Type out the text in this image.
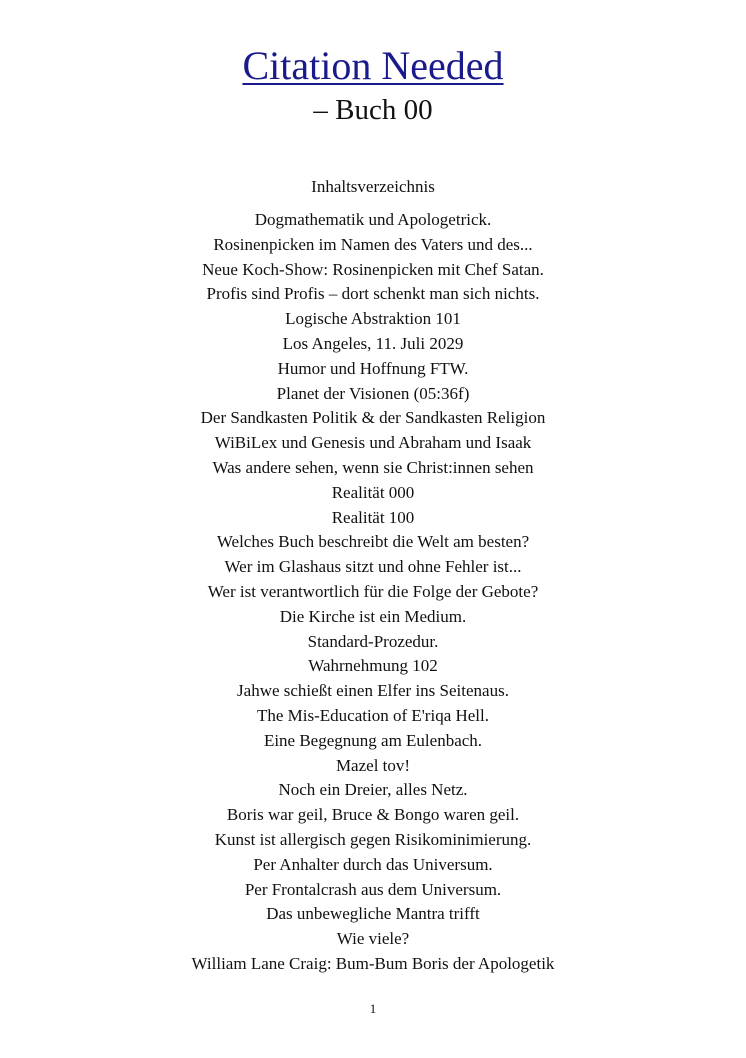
Citation Needed
– Buch 00
Inhaltsverzeichnis
Dogmathematik und Apologetrick.
Rosinenpicken im Namen des Vaters und des...
Neue Koch-Show: Rosinenpicken mit Chef Satan.
Profis sind Profis – dort schenkt man sich nichts.
Logische Abstraktion 101
Los Angeles, 11. Juli 2029
Humor und Hoffnung FTW.
Planet der Visionen (05:36f)
Der Sandkasten Politik & der Sandkasten Religion
WiBiLex und Genesis und Abraham und Isaak
Was andere sehen, wenn sie Christ:innen sehen
Realität 000
Realität 100
Welches Buch beschreibt die Welt am besten?
Wer im Glashaus sitzt und ohne Fehler ist...
Wer ist verantwortlich für die Folge der Gebote?
Die Kirche ist ein Medium.
Standard-Prozedur.
Wahrnehmung 102
Jahwe schießt einen Elfer ins Seitenaus.
The Mis-Education of E'riqa Hell.
Eine Begegnung am Eulenbach.
Mazel tov!
Noch ein Dreier, alles Netz.
Boris war geil, Bruce & Bongo waren geil.
Kunst ist allergisch gegen Risikominimierung.
Per Anhalter durch das Universum.
Per Frontalcrash aus dem Universum.
Das unbewegliche Mantra trifft
Wie viele?
William Lane Craig: Bum-Bum Boris der Apologetik
1
